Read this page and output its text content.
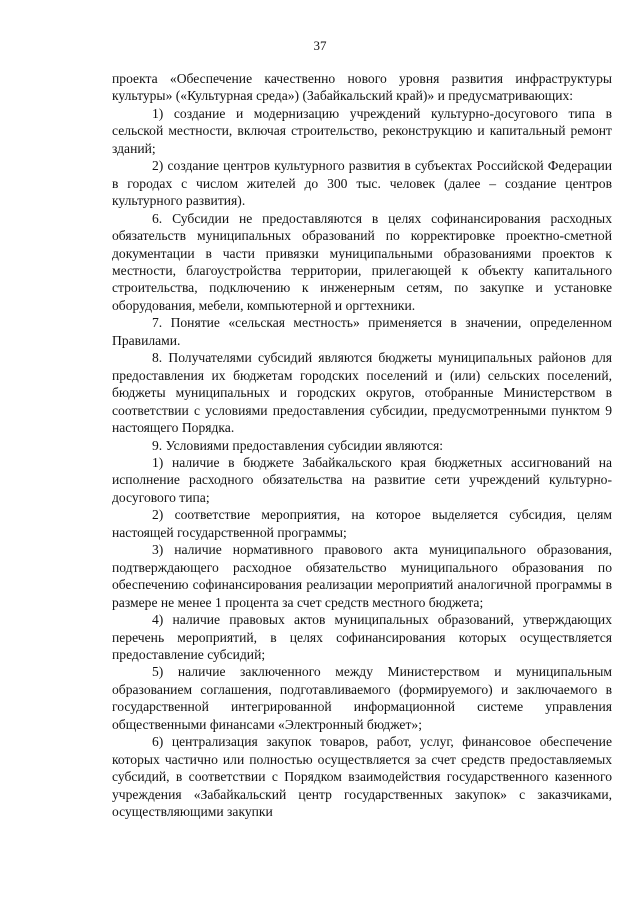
37

проекта «Обеспечение качественно нового уровня развития инфраструктуры культуры» («Культурная среда») (Забайкальский край)» и предусматривающих:

1) создание и модернизацию учреждений культурно-досугового типа в сельской местности, включая строительство, реконструкцию и капитальный ремонт зданий;

2) создание центров культурного развития в субъектах Российской Федерации в городах с числом жителей до 300 тыс. человек (далее – создание центров культурного развития).

6. Субсидии не предоставляются в целях софинансирования расходных обязательств муниципальных образований по корректировке проектно-сметной документации в части привязки муниципальными образованиями проектов к местности, благоустройства территории, прилегающей к объекту капитального строительства, подключению к инженерным сетям, по закупке и установке оборудования, мебели, компьютерной и оргтехники.

7. Понятие «сельская местность» применяется в значении, определенном Правилами.

8. Получателями субсидий являются бюджеты муниципальных районов для предоставления их бюджетам городских поселений и (или) сельских поселений, бюджеты муниципальных и городских округов, отобранные Министерством в соответствии с условиями предоставления субсидии, предусмотренными пунктом 9 настоящего Порядка.

9. Условиями предоставления субсидии являются:

1) наличие в бюджете Забайкальского края бюджетных ассигнований на исполнение расходного обязательства на развитие сети учреждений культурно-досугового типа;

2) соответствие мероприятия, на которое выделяется субсидия, целям настоящей государственной программы;

3) наличие нормативного правового акта муниципального образования, подтверждающего расходное обязательство муниципального образования по обеспечению софинансирования реализации мероприятий аналогичной программы в размере не менее 1 процента за счет средств местного бюджета;

4) наличие правовых актов муниципальных образований, утверждающих перечень мероприятий, в целях софинансирования которых осуществляется предоставление субсидий;

5) наличие заключенного между Министерством и муниципальным образованием соглашения, подготавливаемого (формируемого) и заключаемого в государственной интегрированной информационной системе управления общественными финансами «Электронный бюджет»;

6) централизация закупок товаров, работ, услуг, финансовое обеспечение которых частично или полностью осуществляется за счет средств предоставляемых субсидий, в соответствии с Порядком взаимодействия государственного казенного учреждения «Забайкальский центр государственных закупок» с заказчиками, осуществляющими закупки
